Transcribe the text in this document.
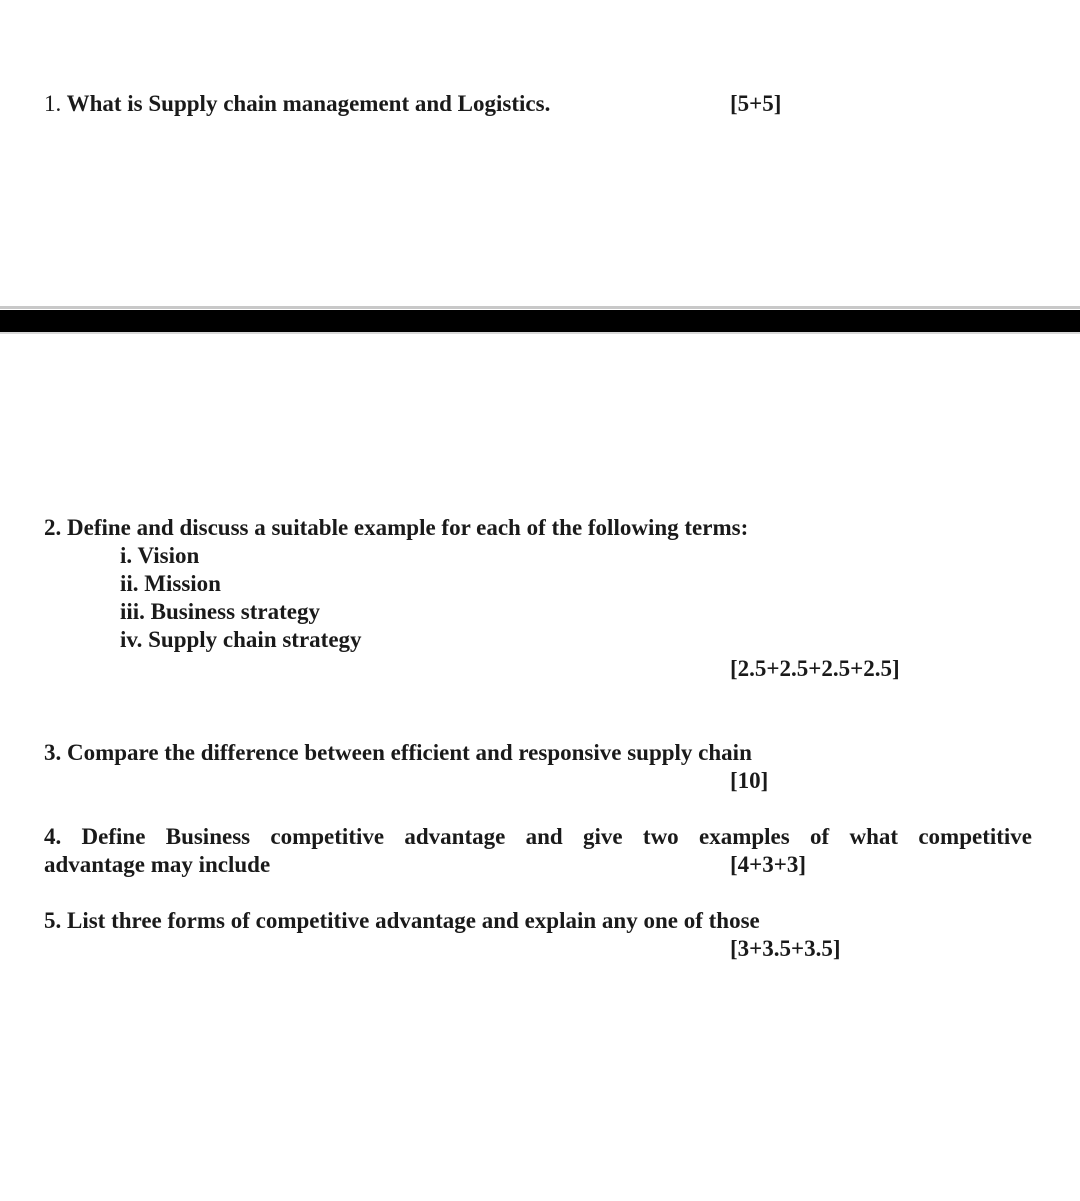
1. What is Supply chain management and Logistics.	[5+5]
2. Define and discuss a suitable example for each of the following terms:
i. Vision
ii. Mission
iii. Business strategy
iv. Supply chain strategy
[2.5+2.5+2.5+2.5]
3. Compare the difference between efficient and responsive supply chain
[10]
4. Define Business competitive advantage and give two examples of what competitive
advantage may include	[4+3+3]
5. List three forms of competitive advantage and explain any one of those
[3+3.5+3.5]
